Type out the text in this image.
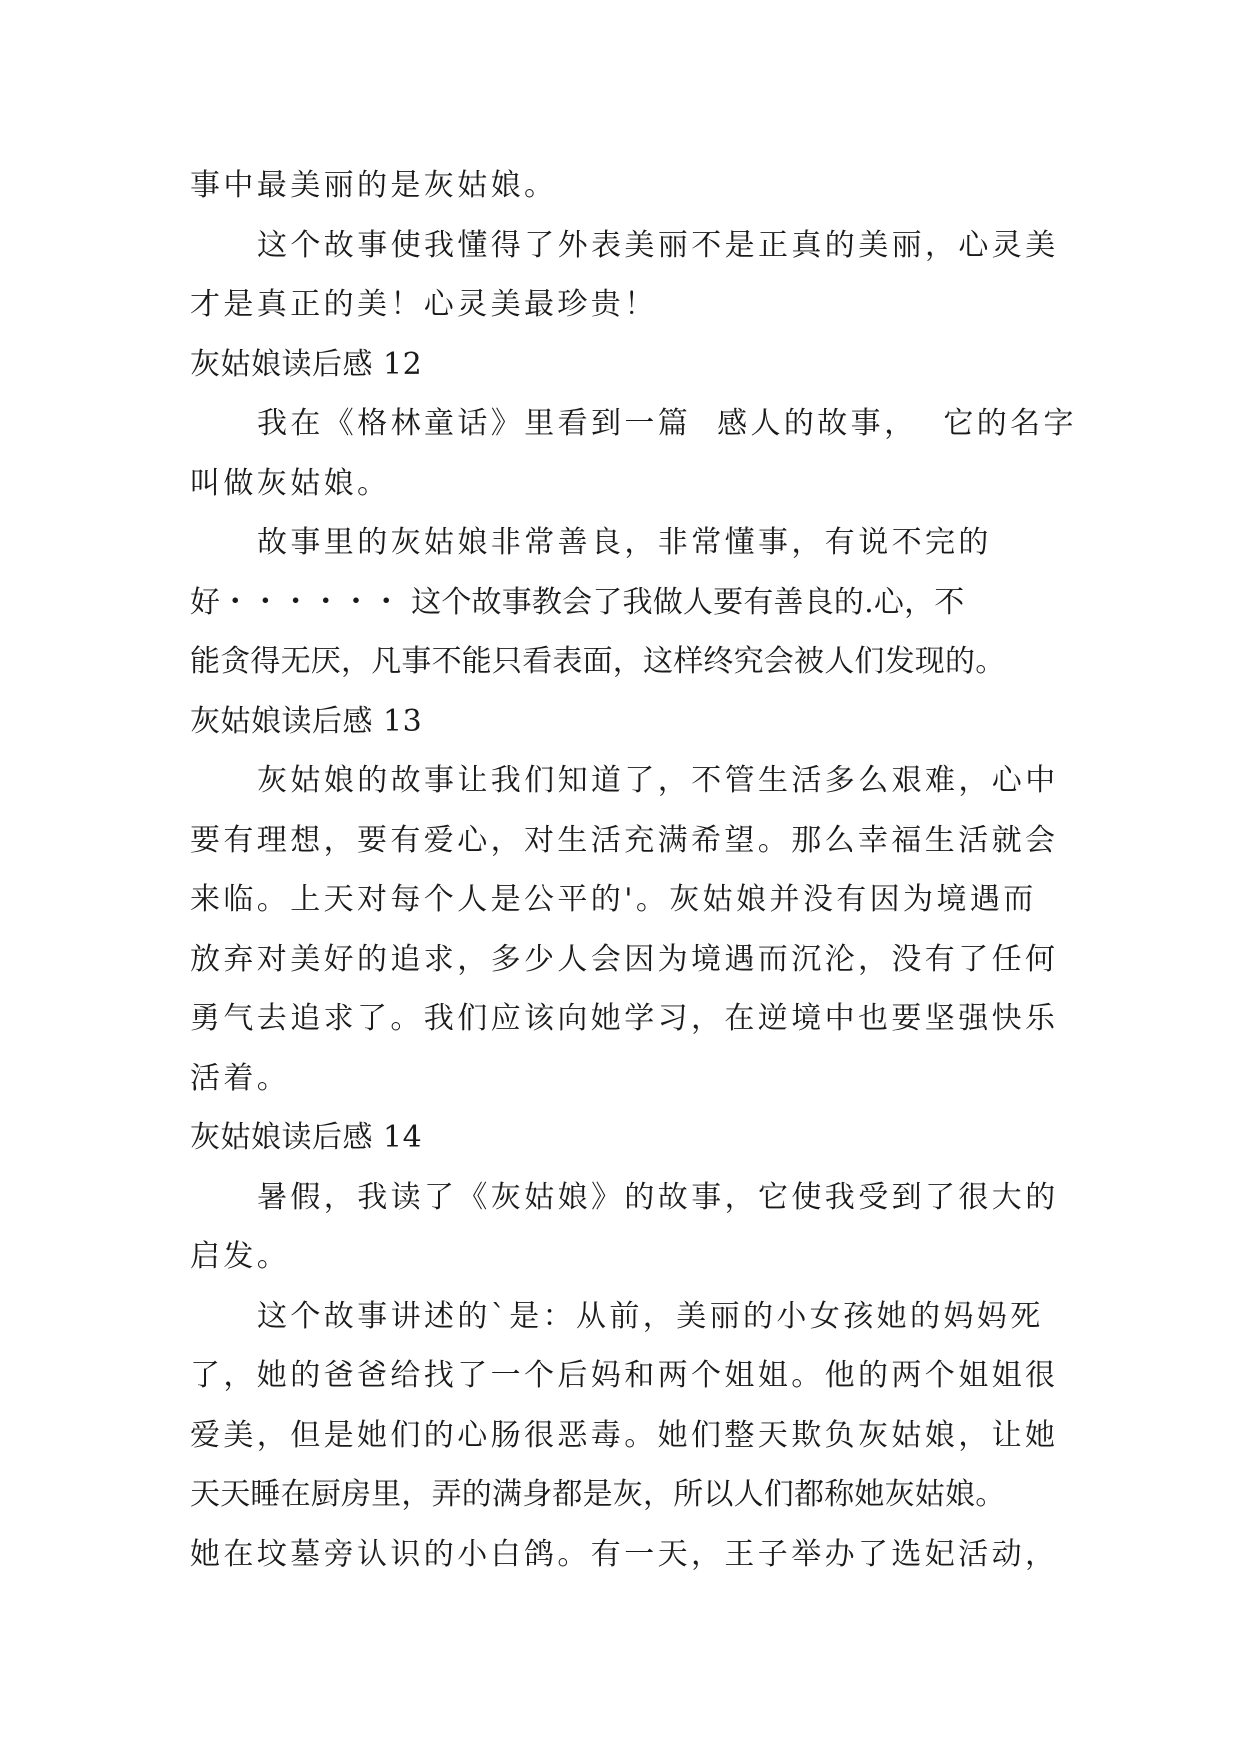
事中最美丽的是灰姑娘。
这个故事使我懂得了外表美丽不是正真的美丽，心灵美
才是真正的美！心灵美最珍贵！
灰姑娘读后感 12
我在《格林童话》里看到一篇  感人的故事，  它的名字
叫做灰姑娘。
故事里的灰姑娘非常善良，非常懂事，有说不完的
好・・・・・・ 这个故事教会了我做人要有善良的.心，不
能贪得无厌，凡事不能只看表面，这样终究会被人们发现的。
灰姑娘读后感 13
灰姑娘的故事让我们知道了，不管生活多么艰难，心中
要有理想，要有爱心，对生活充满希望。那么幸福生活就会
来临。上天对每个人是公平的'。灰姑娘并没有因为境遇而
放弃对美好的追求，多少人会因为境遇而沉沦，没有了任何
勇气去追求了。我们应该向她学习，在逆境中也要坚强快乐
活着。
灰姑娘读后感 14
暑假，我读了《灰姑娘》的故事，它使我受到了很大的
启发。
这个故事讲述的`是：从前，美丽的小女孩她的妈妈死
了，她的爸爸给找了一个后妈和两个姐姐。他的两个姐姐很
爱美，但是她们的心肠很恶毒。她们整天欺负灰姑娘，让她
天天睡在厨房里，弄的满身都是灰，所以人们都称她灰姑娘。
她在坟墓旁认识的小白鸽。有一天，王子举办了选妃活动，
